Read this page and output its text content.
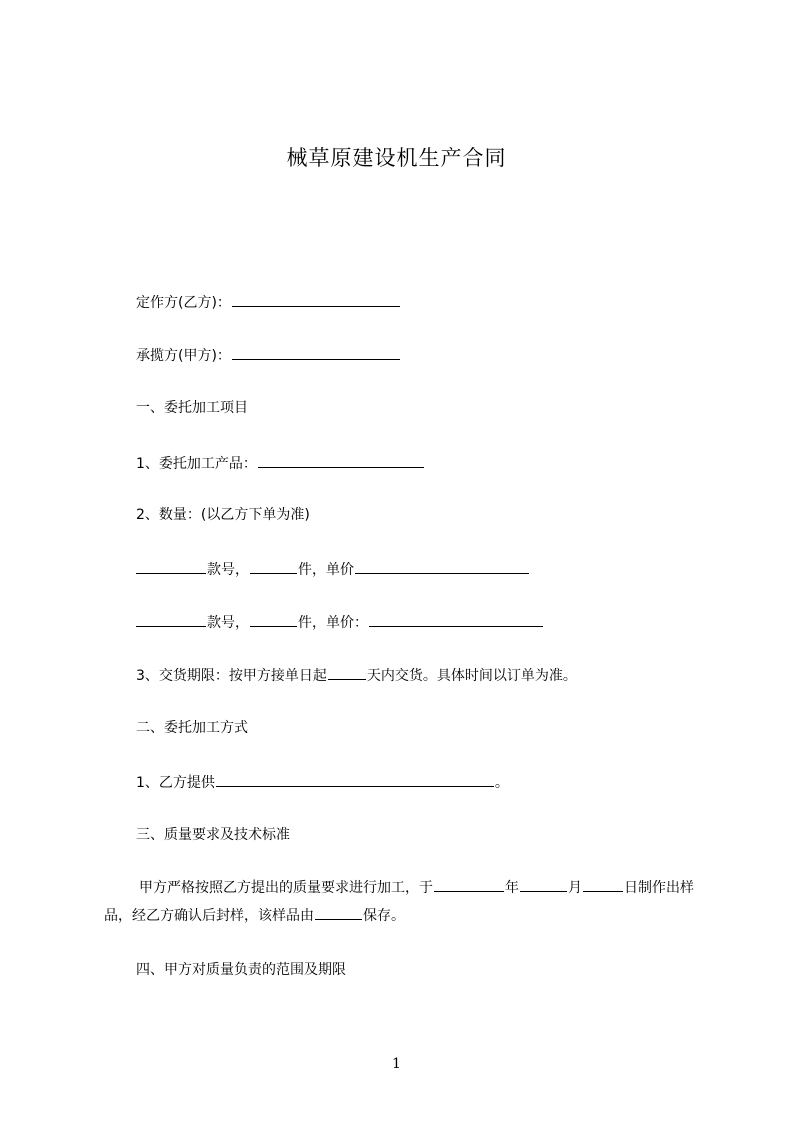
械草原建设机生产合同
定作方(乙方)：
承揽方(甲方)：
一、委托加工项目
1、委托加工产品：
2、数量：(以乙方下单为准)
款号，	件，单价
款号，	件，单价：
3、交货期限：按甲方接单日起	天内交货。具体时间以订单为准。
二、委托加工方式
1、乙方提供	。
三、质量要求及技术标准
甲方严格按照乙方提出的质量要求进行加工，于	年	月	日制作出样品，经乙方确认后封样，该样品由	保存。
四、甲方对质量负责的范围及期限
1
